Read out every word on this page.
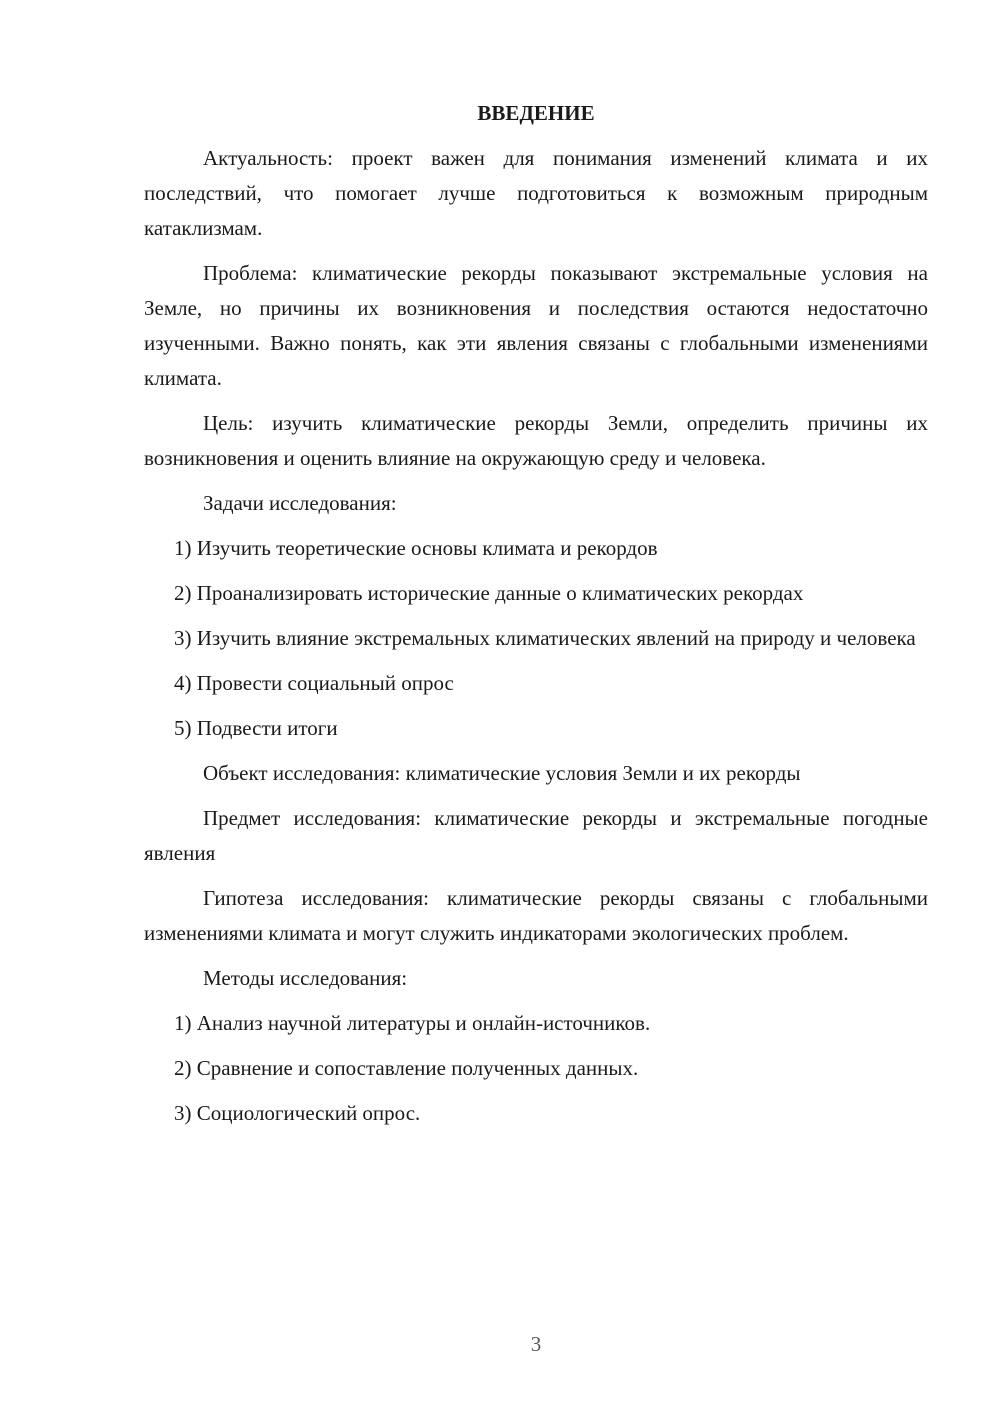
ВВЕДЕНИЕ

Актуальность: проект важен для понимания изменений климата и их последствий, что помогает лучше подготовиться к возможным природным катаклизмам.

Проблема: климатические рекорды показывают экстремальные условия на Земле, но причины их возникновения и последствия остаются недостаточно изученными. Важно понять, как эти явления связаны с глобальными изменениями климата.

Цель: изучить климатические рекорды Земли, определить причины их возникновения и оценить влияние на окружающую среду и человека.

Задачи исследования:

1) Изучить теоретические основы климата и рекордов

2) Проанализировать исторические данные о климатических рекордах

3) Изучить влияние экстремальных климатических явлений на природу и человека

4) Провести социальный опрос

5) Подвести итоги

Объект исследования: климатические условия Земли и их рекорды

Предмет исследования: климатические рекорды и экстремальные погодные явления

Гипотеза исследования: климатические рекорды связаны с глобальными изменениями климата и могут служить индикаторами экологических проблем.

Методы исследования:

1) Анализ научной литературы и онлайн-источников.

2) Сравнение и сопоставление полученных данных.

3) Социологический опрос.

3
